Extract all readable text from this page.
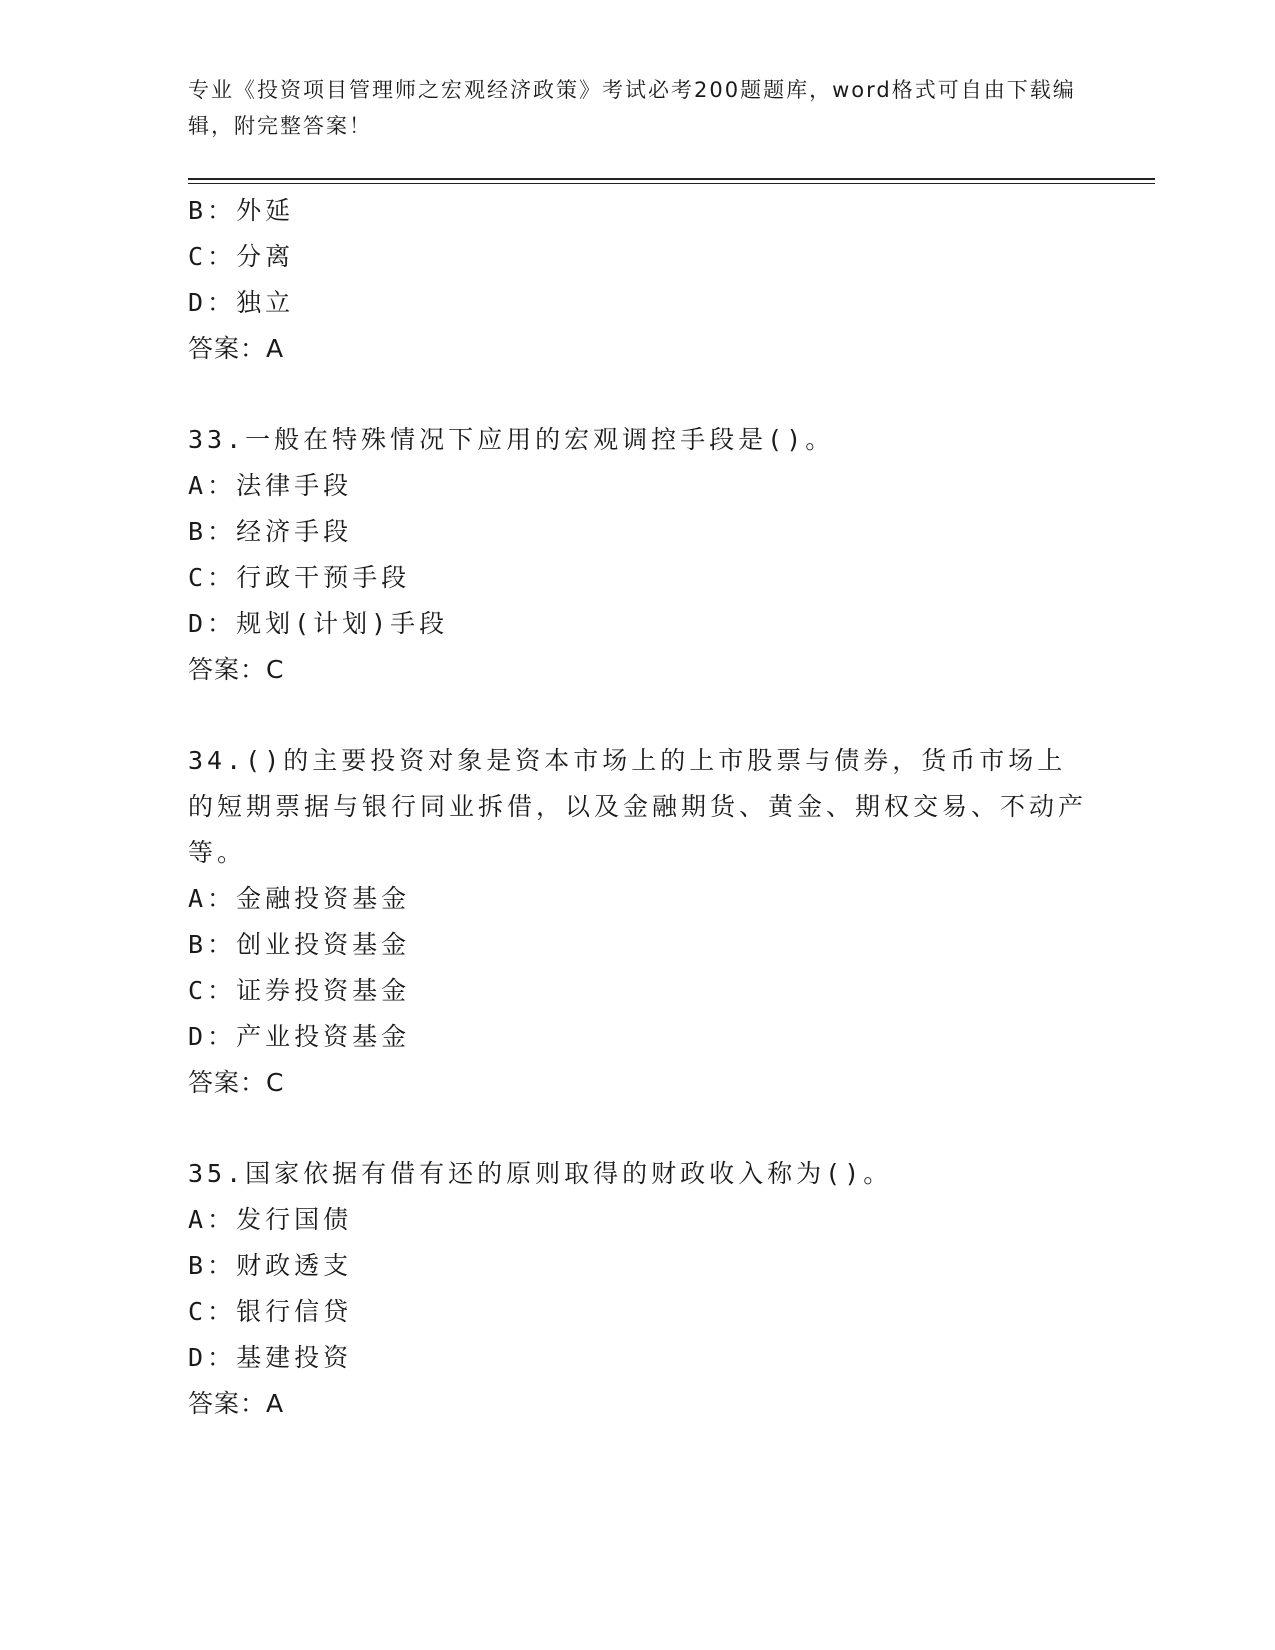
专业《投资项目管理师之宏观经济政策》考试必考200题题库，word格式可自由下载编辑，附完整答案！
B：外延
C：分离
D：独立
答案：A
33.一般在特殊情况下应用的宏观调控手段是()。
A：法律手段
B：经济手段
C：行政干预手段
D：规划(计划)手段
答案：C
34.()的主要投资对象是资本市场上的上市股票与债券，货币市场上的短期票据与银行同业拆借，以及金融期货、黄金、期权交易、不动产等。
A：金融投资基金
B：创业投资基金
C：证券投资基金
D：产业投资基金
答案：C
35.国家依据有借有还的原则取得的财政收入称为()。
A：发行国债
B：财政透支
C：银行信贷
D：基建投资
答案：A
